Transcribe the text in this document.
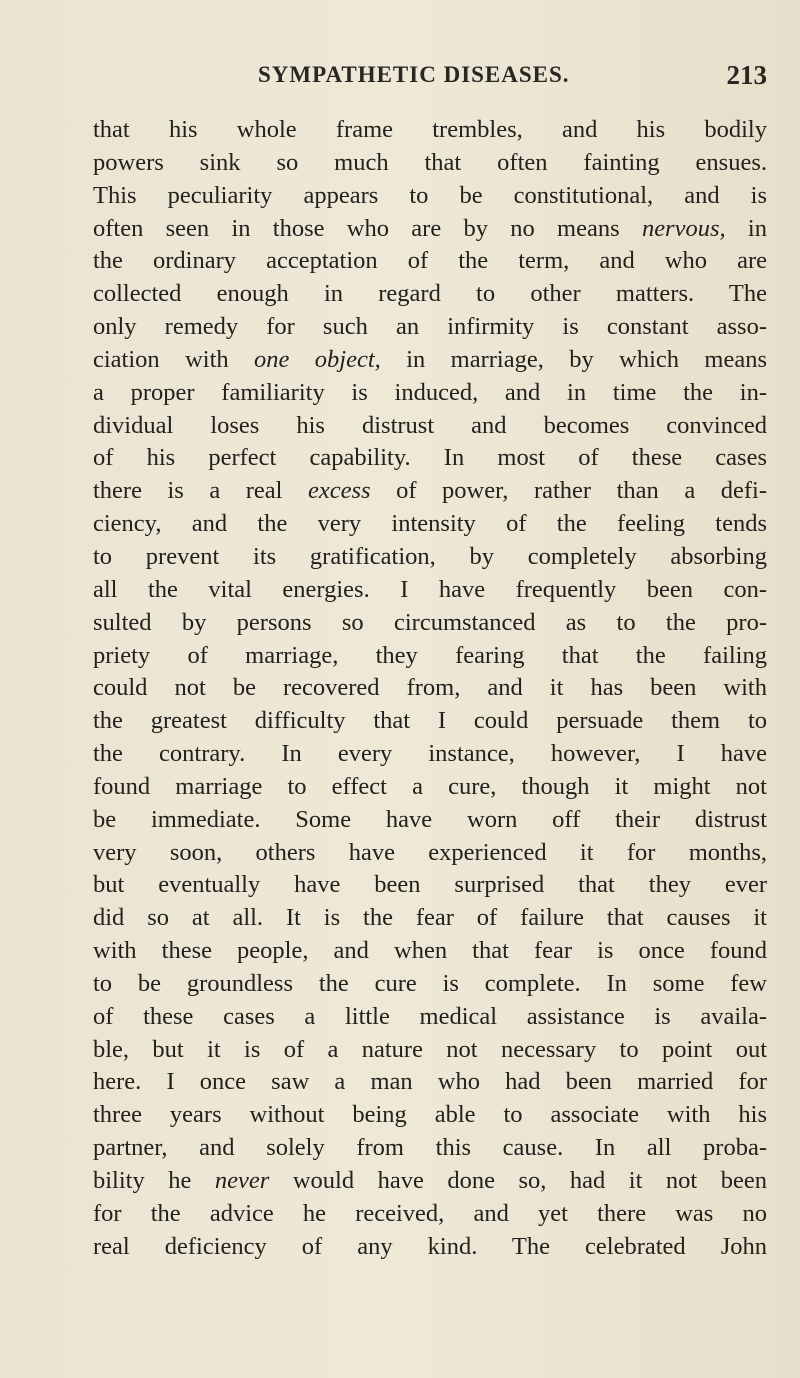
SYMPATHETIC DISEASES.	213
that his whole frame trembles, and his bodily
powers sink so much that often fainting ensues.
This peculiarity appears to be constitutional, and is
often seen in those who are by no means nervous, in
the ordinary acceptation of the term, and who are
collected enough in regard to other matters. The
only remedy for such an infirmity is constant asso-
ciation with one object, in marriage, by which means
a proper familiarity is induced, and in time the in-
dividual loses his distrust and becomes convinced
of his perfect capability. In most of these cases
there is a real excess of power, rather than a defi-
ciency, and the very intensity of the feeling tends
to prevent its gratification, by completely absorbing
all the vital energies. I have frequently been con-
sulted by persons so circumstanced as to the pro-
priety of marriage, they fearing that the failing
could not be recovered from, and it has been with
the greatest difficulty that I could persuade them to
the contrary. In every instance, however, I have
found marriage to effect a cure, though it might not
be immediate. Some have worn off their distrust
very soon, others have experienced it for months,
but eventually have been surprised that they ever
did so at all. It is the fear of failure that causes it
with these people, and when that fear is once found
to be groundless the cure is complete. In some few
of these cases a little medical assistance is availa-
ble, but it is of a nature not necessary to point out
here. I once saw a man who had been married for
three years without being able to associate with his
partner, and solely from this cause. In all proba-
bility he never would have done so, had it not been
for the advice he received, and yet there was no
real deficiency of any kind. The celebrated John
